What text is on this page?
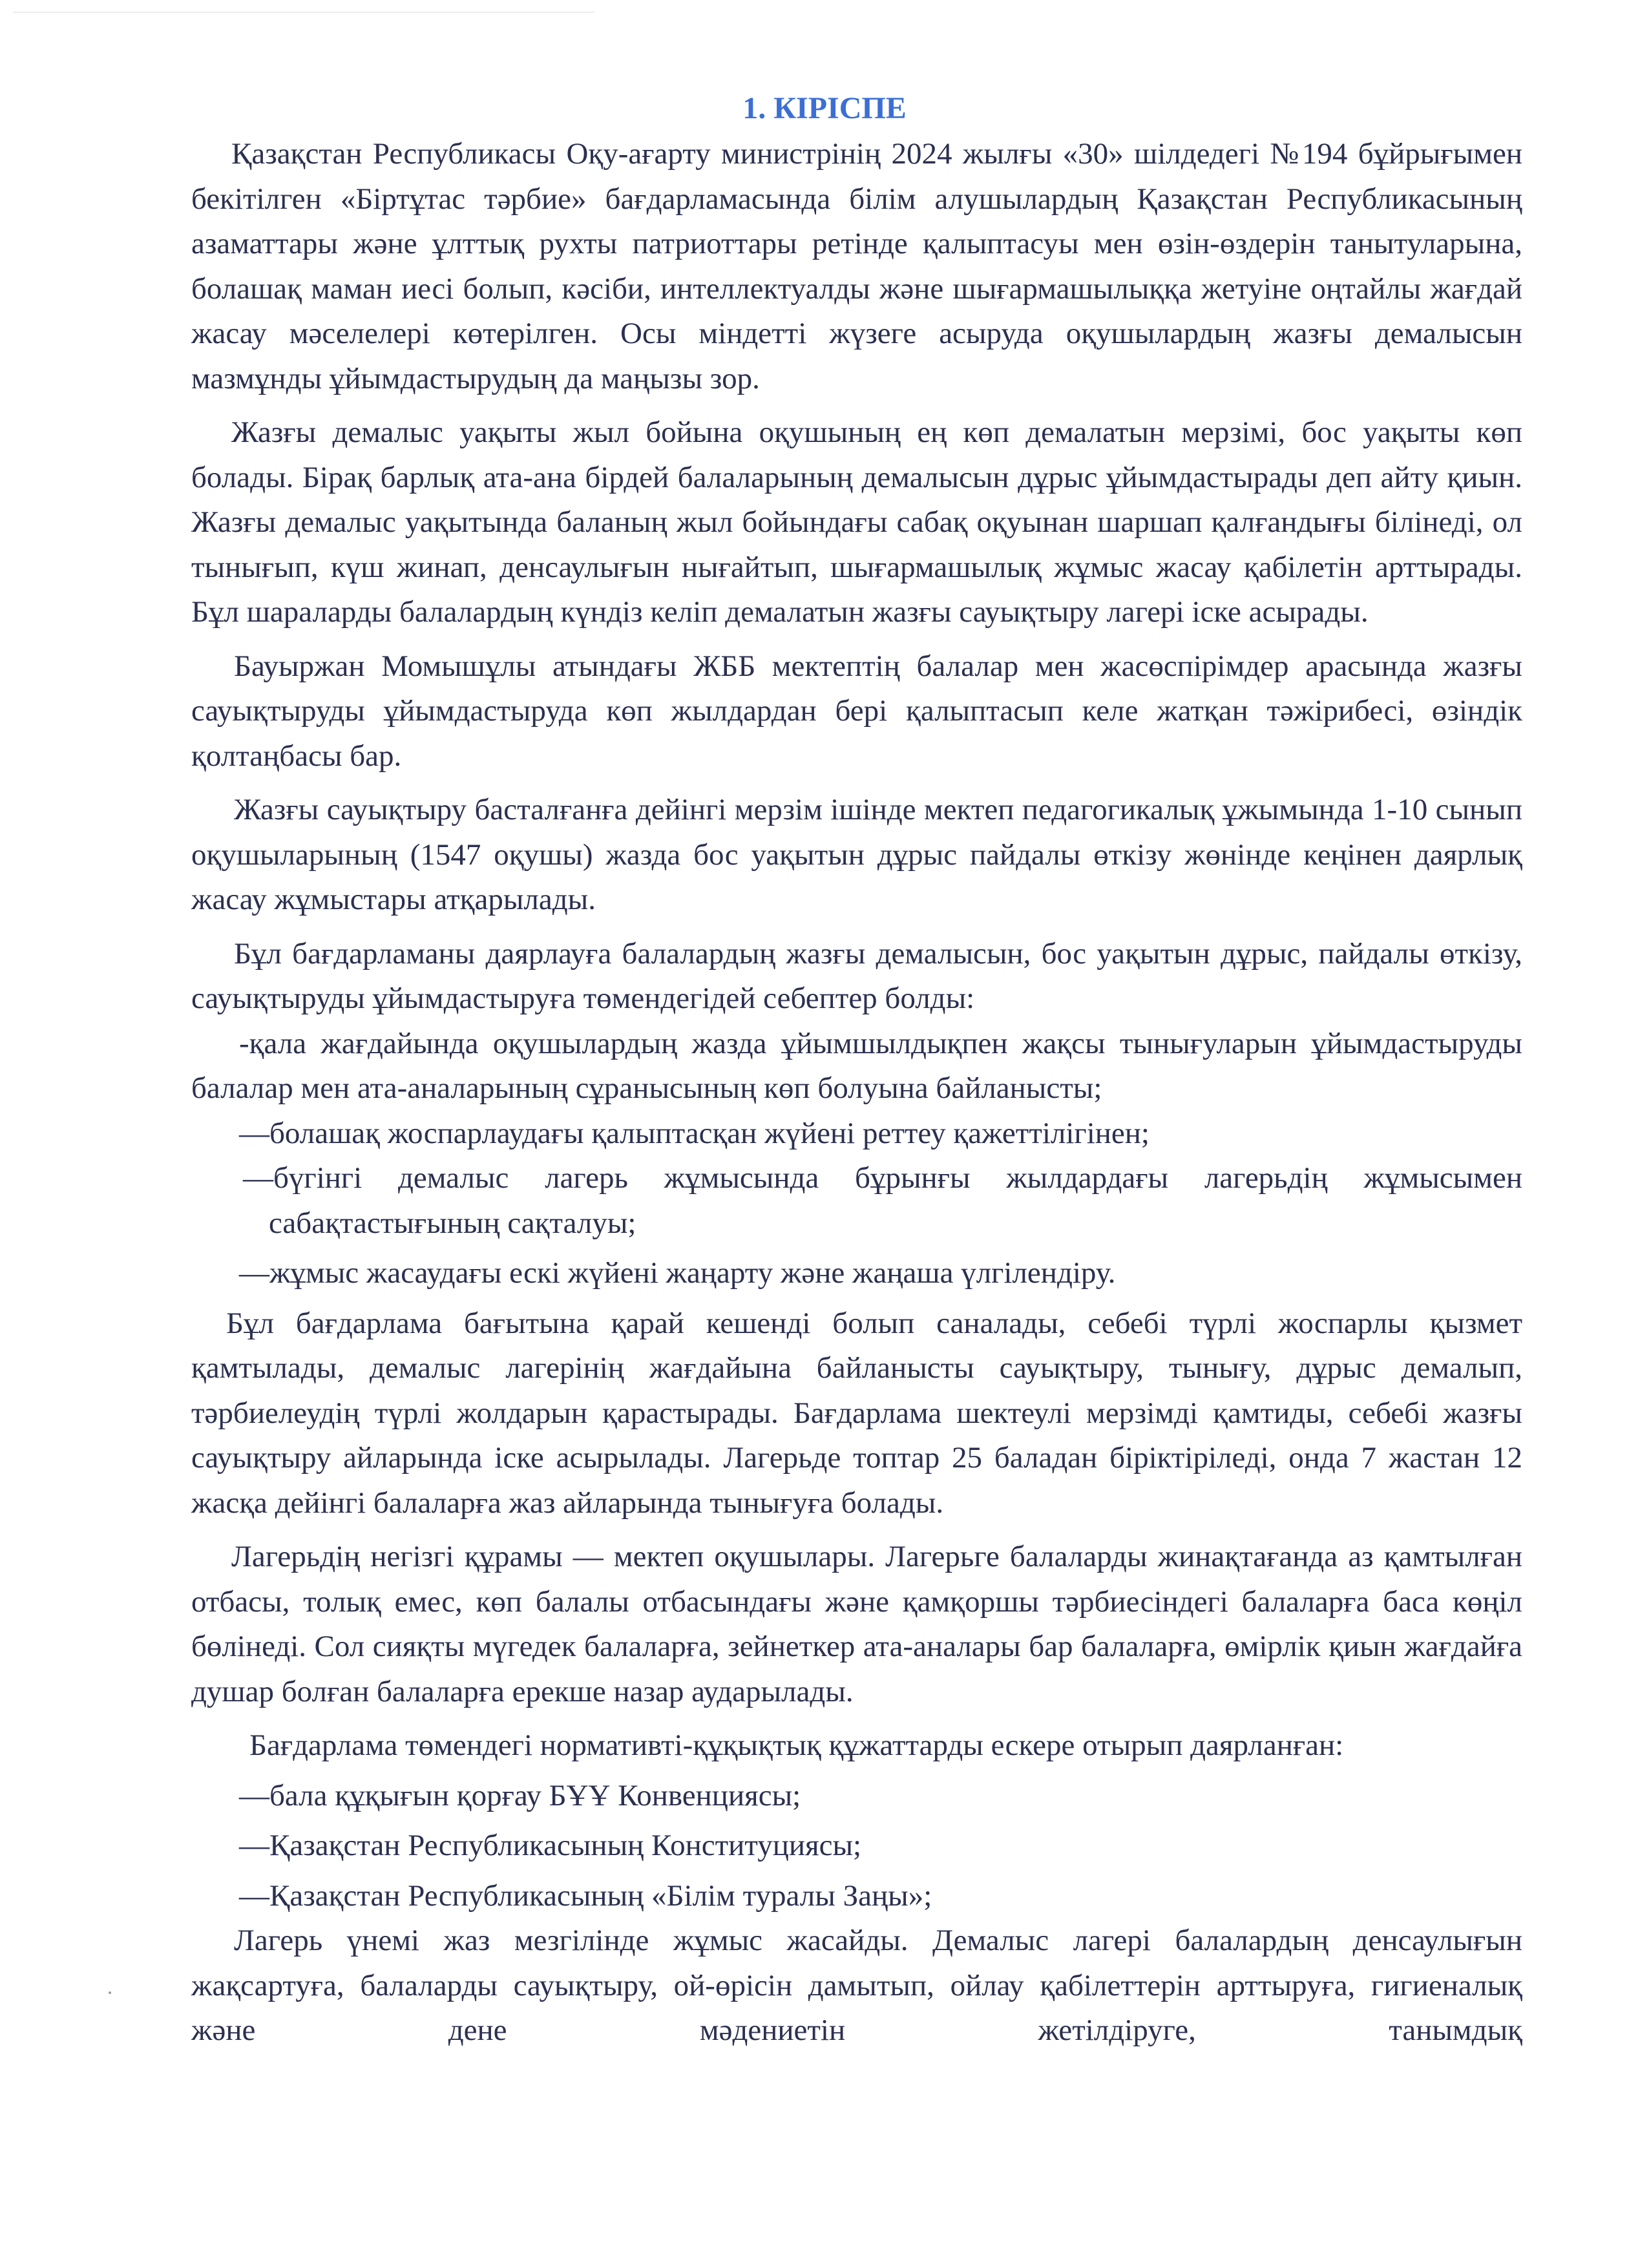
1. КІРІСПЕ

Қазақстан Республикасы Оқу-ағарту министрінің 2024 жылғы «30» шілдедегі №194 бұйрығымен бекітілген «Біртұтас тәрбие» бағдарламасында білім алушылардың Қазақстан Республикасының азаматтары және ұлттық рухты патриоттары ретінде қалыптасуы мен өзін-өздерін танытуларына, болашақ маман иесі болып, кәсіби, интеллектуалды және шығармашылыққа жетуіне оңтайлы жағдай жасау мәселелері көтерілген. Осы міндетті жүзеге асыруда оқушылардың жазғы демалысын мазмұнды ұйымдастырудың да маңызы зор.

Жазғы демалыс уақыты жыл бойына оқушының ең көп демалатын мерзімі, бос уақыты көп болады. Бірақ барлық ата-ана бірдей балаларының демалысын дұрыс ұйымдастырады деп айту қиын. Жазғы демалыс уақытында баланың жыл бойындағы сабақ оқуынан шаршап қалғандығы білінеді, ол тынығып, күш жинап, денсаулығын нығайтып, шығармашылық жұмыс жасау қабілетін арттырады. Бұл шараларды балалардың күндіз келіп демалатын жазғы сауықтыру лагері іске асырады.

Бауыржан Момышұлы атындағы ЖББ мектептің балалар мен жасөспірімдер арасында жазғы сауықтыруды ұйымдастыруда көп жылдардан бері қалыптасып келе жатқан тәжірибесі, өзіндік қолтаңбасы бар.

Жазғы сауықтыру басталғанға дейінгі мерзім ішінде мектеп педагогикалық ұжымында 1-10 сынып оқушыларының (1547 оқушы) жазда бос уақытын дұрыс пайдалы өткізу жөнінде кеңінен даярлық жасау жұмыстары атқарылады.

Бұл бағдарламаны даярлауға балалардың жазғы демалысын, бос уақытын дұрыс, пайдалы өткізу, сауықтыруды ұйымдастыруға төмендегідей себептер болды:

-қала жағдайында оқушылардың жазда ұйымшылдықпен жақсы тынығуларын ұйымдастыруды балалар мен ата-аналарының сұранысының көп болуына байланысты;

—болашақ жоспарлаудағы қалыптасқан жүйені реттеу қажеттілігінен;

—бүгінгі демалыс лагерь жұмысында бұрынғы жылдардағы лагерьдің жұмысымен сабақтастығының сақталуы;

—жұмыс жасаудағы ескі жүйені жаңарту және жаңаша үлгілендіру.

Бұл бағдарлама бағытына қарай кешенді болып саналады, себебі түрлі жоспарлы қызмет қамтылады, демалыс лагерінің жағдайына байланысты сауықтыру, тынығу, дұрыс демалып, тәрбиелеудің түрлі жолдарын қарастырады. Бағдарлама шектеулі мерзімді қамтиды, себебі жазғы сауықтыру айларында іске асырылады. Лагерьде топтар 25 баладан біріктіріледі, онда 7 жастан 12 жасқа дейінгі балаларға жаз айларында тынығуға болады.

Лагерьдің негізгі құрамы — мектеп оқушылары. Лагерьге балаларды жинақтағанда аз қамтылған отбасы, толық емес, көп балалы отбасындағы және қамқоршы тәрбиесіндегі балаларға баса көңіл бөлінеді. Сол сияқты мүгедек балаларға, зейнеткер ата-аналары бар балаларға, өмірлік қиын жағдайға душар болған балаларға ерекше назар аударылады.

Бағдарлама төмендегі нормативті-құқықтық құжаттарды ескере отырып даярланған:

—бала құқығын қорғау БҰҰ Конвенциясы;

—Қазақстан Республикасының Конституциясы;

—Қазақстан Республикасының «Білім туралы Заңы»;

Лагерь үнемі жаз мезгілінде жұмыс жасайды. Демалыс лагері балалардың денсаулығын жақсартуға, балаларды сауықтыру, ой-өрісін дамытып, ойлау қабілеттерін арттыруға, гигиеналық және дене мәдениетін жетілдіруге, танымдық
